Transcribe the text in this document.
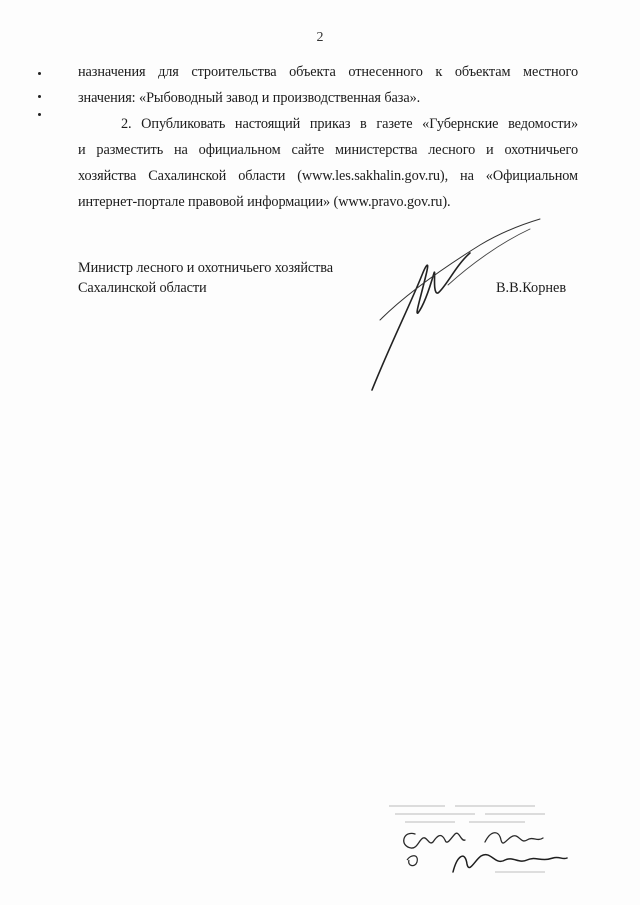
2
назначения для строительства объекта отнесенного к объектам местного
значения: «Рыбоводный завод и производственная база».
2. Опубликовать настоящий приказ в газете «Губернские ведомости»
и разместить на официальном сайте министерства лесного и охотничьего
хозяйства Сахалинской области (www.les.sakhalin.gov.ru), на «Официальном
интернет-портале правовой информации» (www.pravo.gov.ru).
Министр лесного и охотничьего хозяйства
Сахалинской области	В.В.Корнев
